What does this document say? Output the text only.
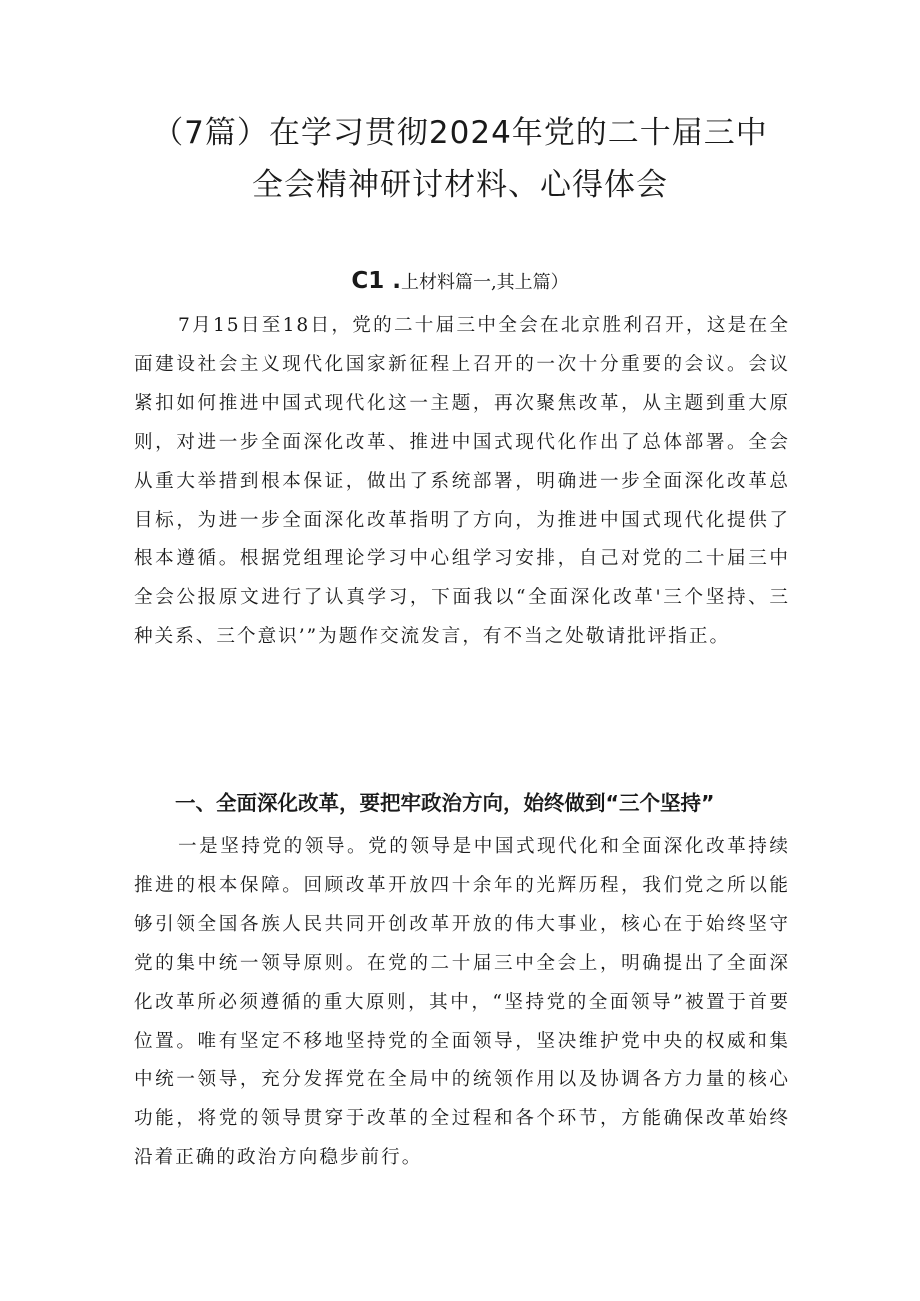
（7篇）在学习贯彻2024年党的二十届三中
全会精神研讨材料、心得体会

C1 .上材料篇一,其上篇）

7月15日至18日，党的二十届三中全会在北京胜利召开，这是在全面建设社会主义现代化国家新征程上召开的一次十分重要的会议。会议紧扣如何推进中国式现代化这一主题，再次聚焦改革，从主题到重大原则，对进一步全面深化改革、推进中国式现代化作出了总体部署。全会从重大举措到根本保证，做出了系统部署，明确进一步全面深化改革总目标，为进一步全面深化改革指明了方向，为推进中国式现代化提供了根本遵循。根据党组理论学习中心组学习安排，自己对党的二十届三中全会公报原文进行了认真学习，下面我以“全面深化改革'三个坚持、三种关系、三个意识’”为题作交流发言，有不当之处敬请批评指正。

一、全面深化改革，要把牢政治方向，始终做到“三个坚持”

一是坚持党的领导。党的领导是中国式现代化和全面深化改革持续推进的根本保障。回顾改革开放四十余年的光辉历程，我们党之所以能够引领全国各族人民共同开创改革开放的伟大事业，核心在于始终坚守党的集中统一领导原则。在党的二十届三中全会上，明确提出了全面深化改革所必须遵循的重大原则，其中，“坚持党的全面领导”被置于首要位置。唯有坚定不移地坚持党的全面领导，坚决维护党中央的权威和集中统一领导，充分发挥党在全局中的统领作用以及协调各方力量的核心功能，将党的领导贯穿于改革的全过程和各个环节，方能确保改革始终沿着正确的政治方向稳步前行。
